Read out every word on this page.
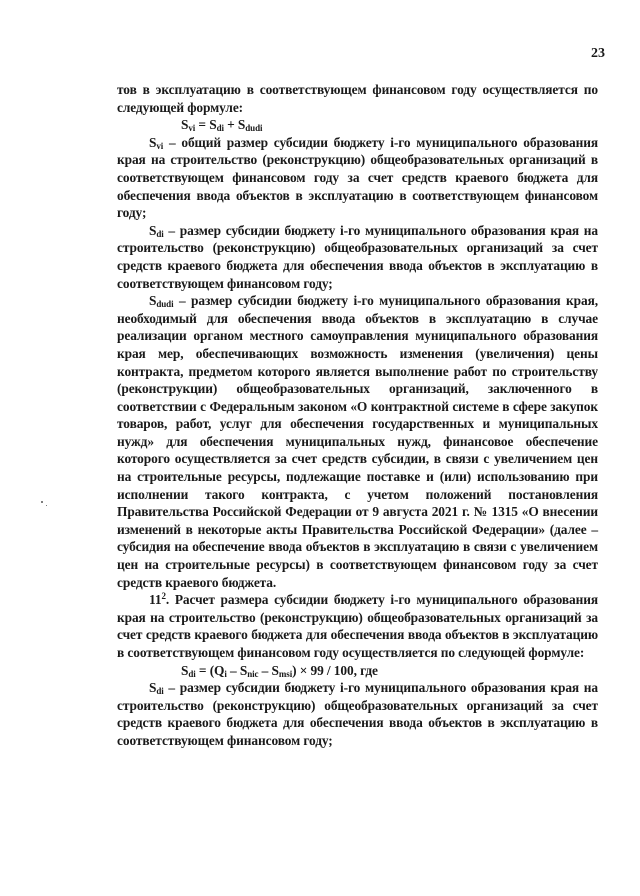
23

тов в эксплуатацию в соответствующем финансовом году осуществляется по следующей формуле:

$S_{vi} = S_{di} + S_{dudi}$

$S_{vi}$ – общий размер субсидии бюджету i-го муниципального образования края на строительство (реконструкцию) общеобразовательных организаций в соответствующем финансовом году за счет средств краевого бюджета для обеспечения ввода объектов в эксплуатацию в соответствующем финансовом году;

$S_{di}$ – размер субсидии бюджету i-го муниципального образования края на строительство (реконструкцию) общеобразовательных организаций за счет средств краевого бюджета для обеспечения ввода объектов в эксплуатацию в соответствующем финансовом году;

$S_{dudi}$ – размер субсидии бюджету i-го муниципального образования края, необходимый для обеспечения ввода объектов в эксплуатацию в случае реализации органом местного самоуправления муниципального образования края мер, обеспечивающих возможность изменения (увеличения) цены контракта, предметом которого является выполнение работ по строительству (реконструкции) общеобразовательных организаций, заключенного в соответствии с Федеральным законом «О контрактной системе в сфере закупок товаров, работ, услуг для обеспечения государственных и муниципальных нужд» для обеспечения муниципальных нужд, финансовое обеспечение которого осуществляется за счет средств субсидии, в связи с увеличением цен на строительные ресурсы, подлежащие поставке и (или) использованию при исполнении такого контракта, с учетом положений постановления Правительства Российской Федерации от 9 августа 2021 г. № 1315 «О внесении изменений в некоторые акты Правительства Российской Федерации» (далее – субсидия на обеспечение ввода объектов в эксплуатацию в связи с увеличением цен на строительные ресурсы) в соответствующем финансовом году за счет средств краевого бюджета.

$11^2$. Расчет размера субсидии бюджету i-го муниципального образования края на строительство (реконструкцию) общеобразовательных организаций за счет средств краевого бюджета для обеспечения ввода объектов в эксплуатацию в соответствующем финансовом году осуществляется по следующей формуле:

$S_{di} = (Q_i - S_{nic} - S_{msi}) \times 99 / 100$, где

$S_{di}$ – размер субсидии бюджету i-го муниципального образования края на строительство (реконструкцию) общеобразовательных организаций за счет средств краевого бюджета для обеспечения ввода объектов в эксплуатацию в соответствующем финансовом году;
